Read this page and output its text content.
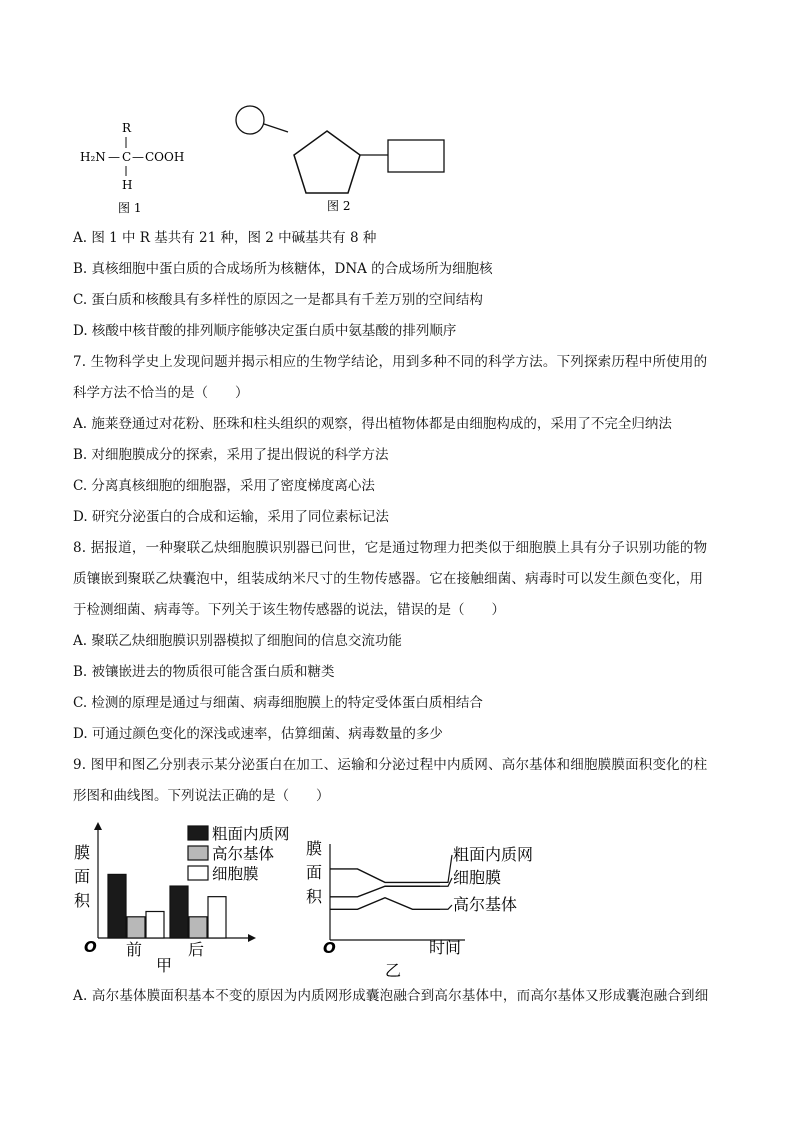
R
H₂N — C — COOH
H
图 1	图 2
A. 图 1 中 R 基共有 21 种，图 2 中碱基共有 8 种
B. 真核细胞中蛋白质的合成场所为核糖体，DNA 的合成场所为细胞核
C. 蛋白质和核酸具有多样性的原因之一是都具有千差万别的空间结构
D. 核酸中核苷酸的排列顺序能够决定蛋白质中氨基酸的排列顺序
7. 生物科学史上发现问题并揭示相应的生物学结论，用到多种不同的科学方法。下列探索历程中所使用的
科学方法不恰当的是（　　）
A. 施莱登通过对花粉、胚珠和柱头组织的观察，得出植物体都是由细胞构成的，采用了不完全归纳法
B. 对细胞膜成分的探索，采用了提出假说的科学方法
C. 分离真核细胞的细胞器，采用了密度梯度离心法
D. 研究分泌蛋白的合成和运输，采用了同位素标记法
8. 据报道，一种聚联乙炔细胞膜识别器已问世，它是通过物理力把类似于细胞膜上具有分子识别功能的物
质镶嵌到聚联乙炔囊泡中，组装成纳米尺寸的生物传感器。它在接触细菌、病毒时可以发生颜色变化，用
于检测细菌、病毒等。下列关于该生物传感器的说法，错误的是（　　）
A. 聚联乙炔细胞膜识别器模拟了细胞间的信息交流功能
B. 被镶嵌进去的物质很可能含蛋白质和糖类
C. 检测的原理是通过与细菌、病毒细胞膜上的特定受体蛋白质相结合
D. 可通过颜色变化的深浅或速率，估算细菌、病毒数量的多少
9. 图甲和图乙分别表示某分泌蛋白在加工、运输和分泌过程中内质网、高尔基体和细胞膜膜面积变化的柱
形图和曲线图。下列说法正确的是（　　）
膜
面
积
O 前	后
粗面内质网
高尔基体
细胞膜
甲
膜
面
积
O
粗面内质网
细胞膜
高尔基体
时间
乙
A. 高尔基体膜面积基本不变的原因为内质网形成囊泡融合到高尔基体中，而高尔基体又形成囊泡融合到细
